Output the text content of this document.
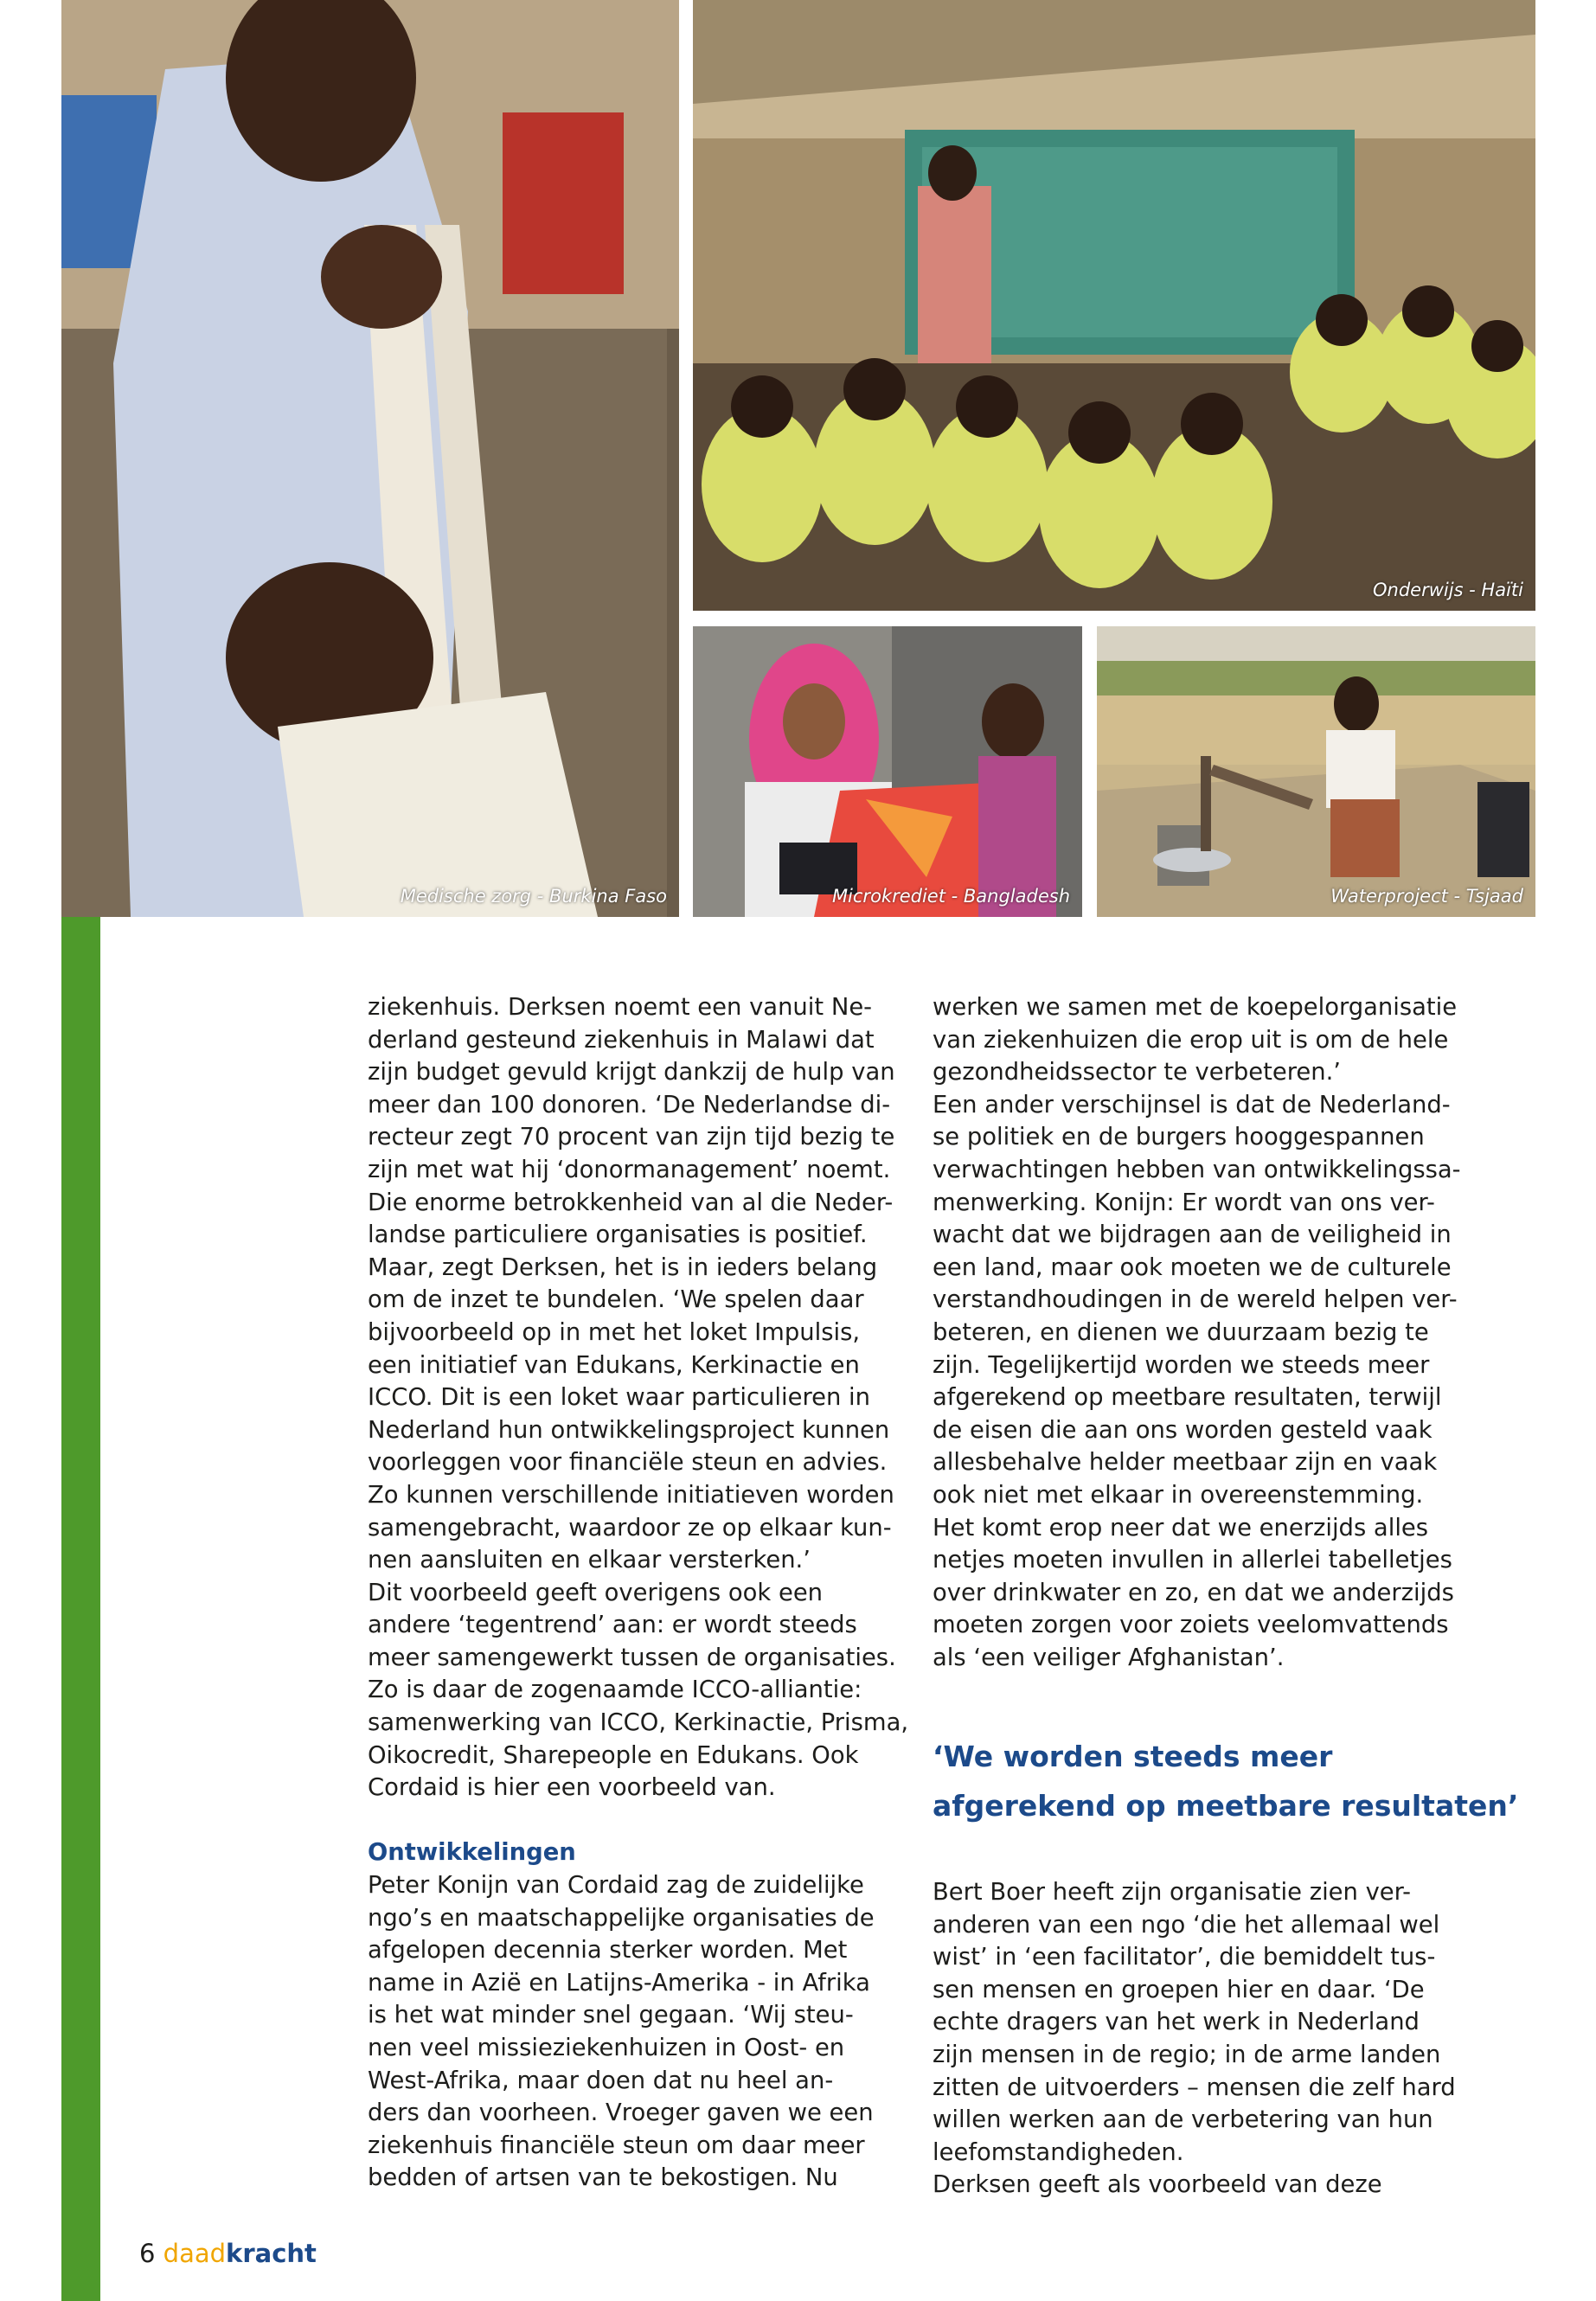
Medische zorg - Burkina Faso
Onderwijs - Haïti
Microkrediet - Bangladesh	Waterproject - Tsjaad
ziekenhuis. Derksen noemt een vanuit Ne-
derland gesteund ziekenhuis in Malawi dat
zijn budget gevuld krijgt dankzij de hulp van
meer dan 100 donoren. ‘De Nederlandse di-
recteur zegt 70 procent van zijn tijd bezig te
zijn met wat hij ‘donormanagement’ noemt.
Die enorme betrokkenheid van al die Neder-
landse particuliere organisaties is positief.
Maar, zegt Derksen, het is in ieders belang
om de inzet te bundelen. ‘We spelen daar
bijvoorbeeld op in met het loket Impulsis,
een initiatief van Edukans, Kerkinactie en
ICCO. Dit is een loket waar particulieren in
Nederland hun ontwikkelingsproject kunnen
voorleggen voor financiële steun en advies.
Zo kunnen verschillende initiatieven worden
samengebracht, waardoor ze op elkaar kun-
nen aansluiten en elkaar versterken.’
Dit voorbeeld geeft overigens ook een
andere ‘tegentrend’ aan: er wordt steeds
meer samengewerkt tussen de organisaties.
Zo is daar de zogenaamde ICCO-alliantie:
samenwerking van ICCO, Kerkinactie, Prisma,
Oikocredit, Sharepeople en Edukans. Ook
Cordaid is hier een voorbeeld van.
Ontwikkelingen
Peter Konijn van Cordaid zag de zuidelijke
ngo’s en maatschappelijke organisaties de
afgelopen decennia sterker worden. Met
name in Azië en Latijns-Amerika - in Afrika
is het wat minder snel gegaan. ‘Wij steu-
nen veel missieziekenhuizen in Oost- en
West-Afrika, maar doen dat nu heel an-
ders dan voorheen. Vroeger gaven we een
ziekenhuis financiële steun om daar meer
bedden of artsen van te bekostigen. Nu
werken we samen met de koepelorganisatie
van ziekenhuizen die erop uit is om de hele
gezondheidssector te verbeteren.’
Een ander verschijnsel is dat de Nederland-
se politiek en de burgers hooggespannen
verwachtingen hebben van ontwikkelingssa-
menwerking. Konijn: Er wordt van ons ver-
wacht dat we bijdragen aan de veiligheid in
een land, maar ook moeten we de culturele
verstandhoudingen in de wereld helpen ver-
beteren, en dienen we duurzaam bezig te
zijn. Tegelijkertijd worden we steeds meer
afgerekend op meetbare resultaten, terwijl
de eisen die aan ons worden gesteld vaak
allesbehalve helder meetbaar zijn en vaak
ook niet met elkaar in overeenstemming.
Het komt erop neer dat we enerzijds alles
netjes moeten invullen in allerlei tabelletjes
over drinkwater en zo, en dat we anderzijds
moeten zorgen voor zoiets veelomvattends
als ‘een veiliger Afghanistan’.
‘We worden steeds meer
afgerekend op meetbare resultaten’
Bert Boer heeft zijn organisatie zien ver-
anderen van een ngo ‘die het allemaal wel
wist’ in ‘een facilitator’, die bemiddelt tus-
sen mensen en groepen hier en daar. ‘De
echte dragers van het werk in Nederland
zijn mensen in de regio; in de arme landen
zitten de uitvoerders – mensen die zelf hard
willen werken aan de verbetering van hun
leefomstandigheden.
Derksen geeft als voorbeeld van deze
6 daadkracht
